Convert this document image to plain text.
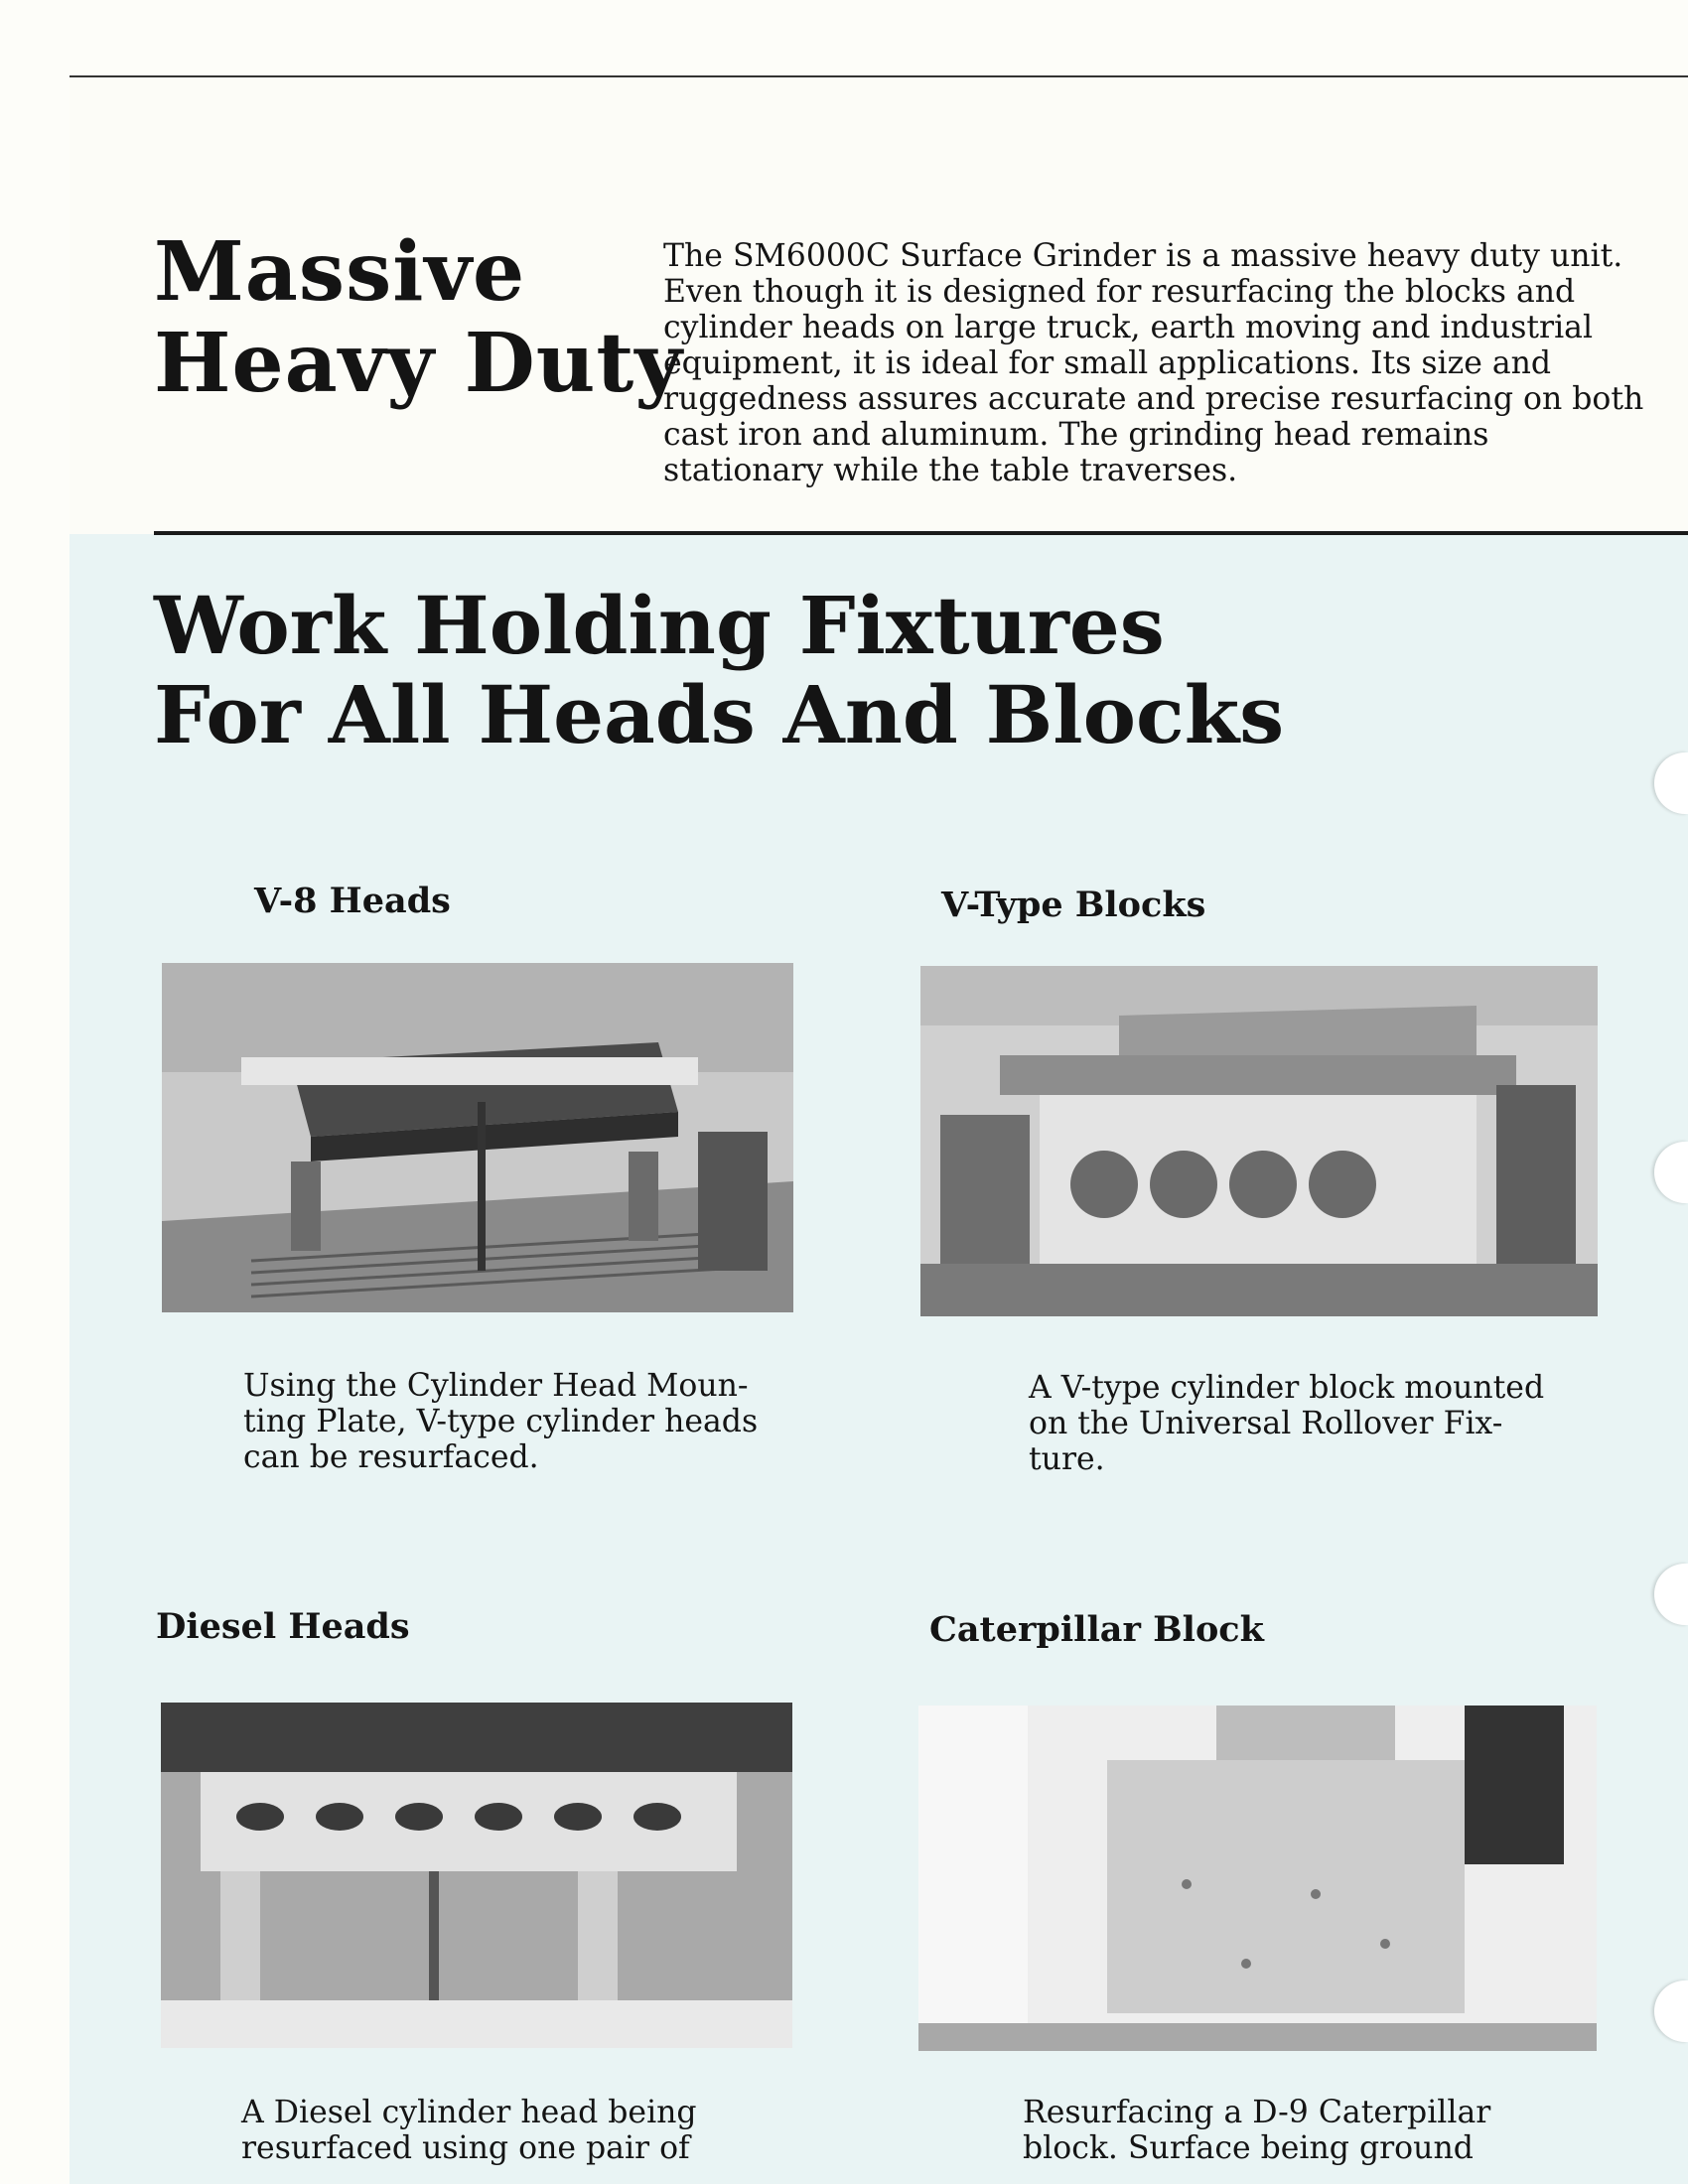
Massive
Heavy Duty

The SM6000C Surface Grinder is a massive heavy duty unit. Even though it is designed for resurfacing the blocks and cylinder heads on large truck, earth moving and industrial equipment, it is ideal for small applications. Its size and ruggedness assures accurate and precise resurfacing on both cast iron and aluminum. The grinding head remains stationary while the table traverses.

Work Holding Fixtures
For All Heads And Blocks
V-8 Heads

Using the Cylinder Head Moun-
ting Plate, V-type cylinder heads
can be resurfaced.

V-Type Blocks

A V-type cylinder block mounted
on the Universal Rollover Fix-
ture.

Diesel Heads

A Diesel cylinder head being
resurfaced using one pair of

Caterpillar Block

Resurfacing a D-9 Caterpillar
block. Surface being ground
